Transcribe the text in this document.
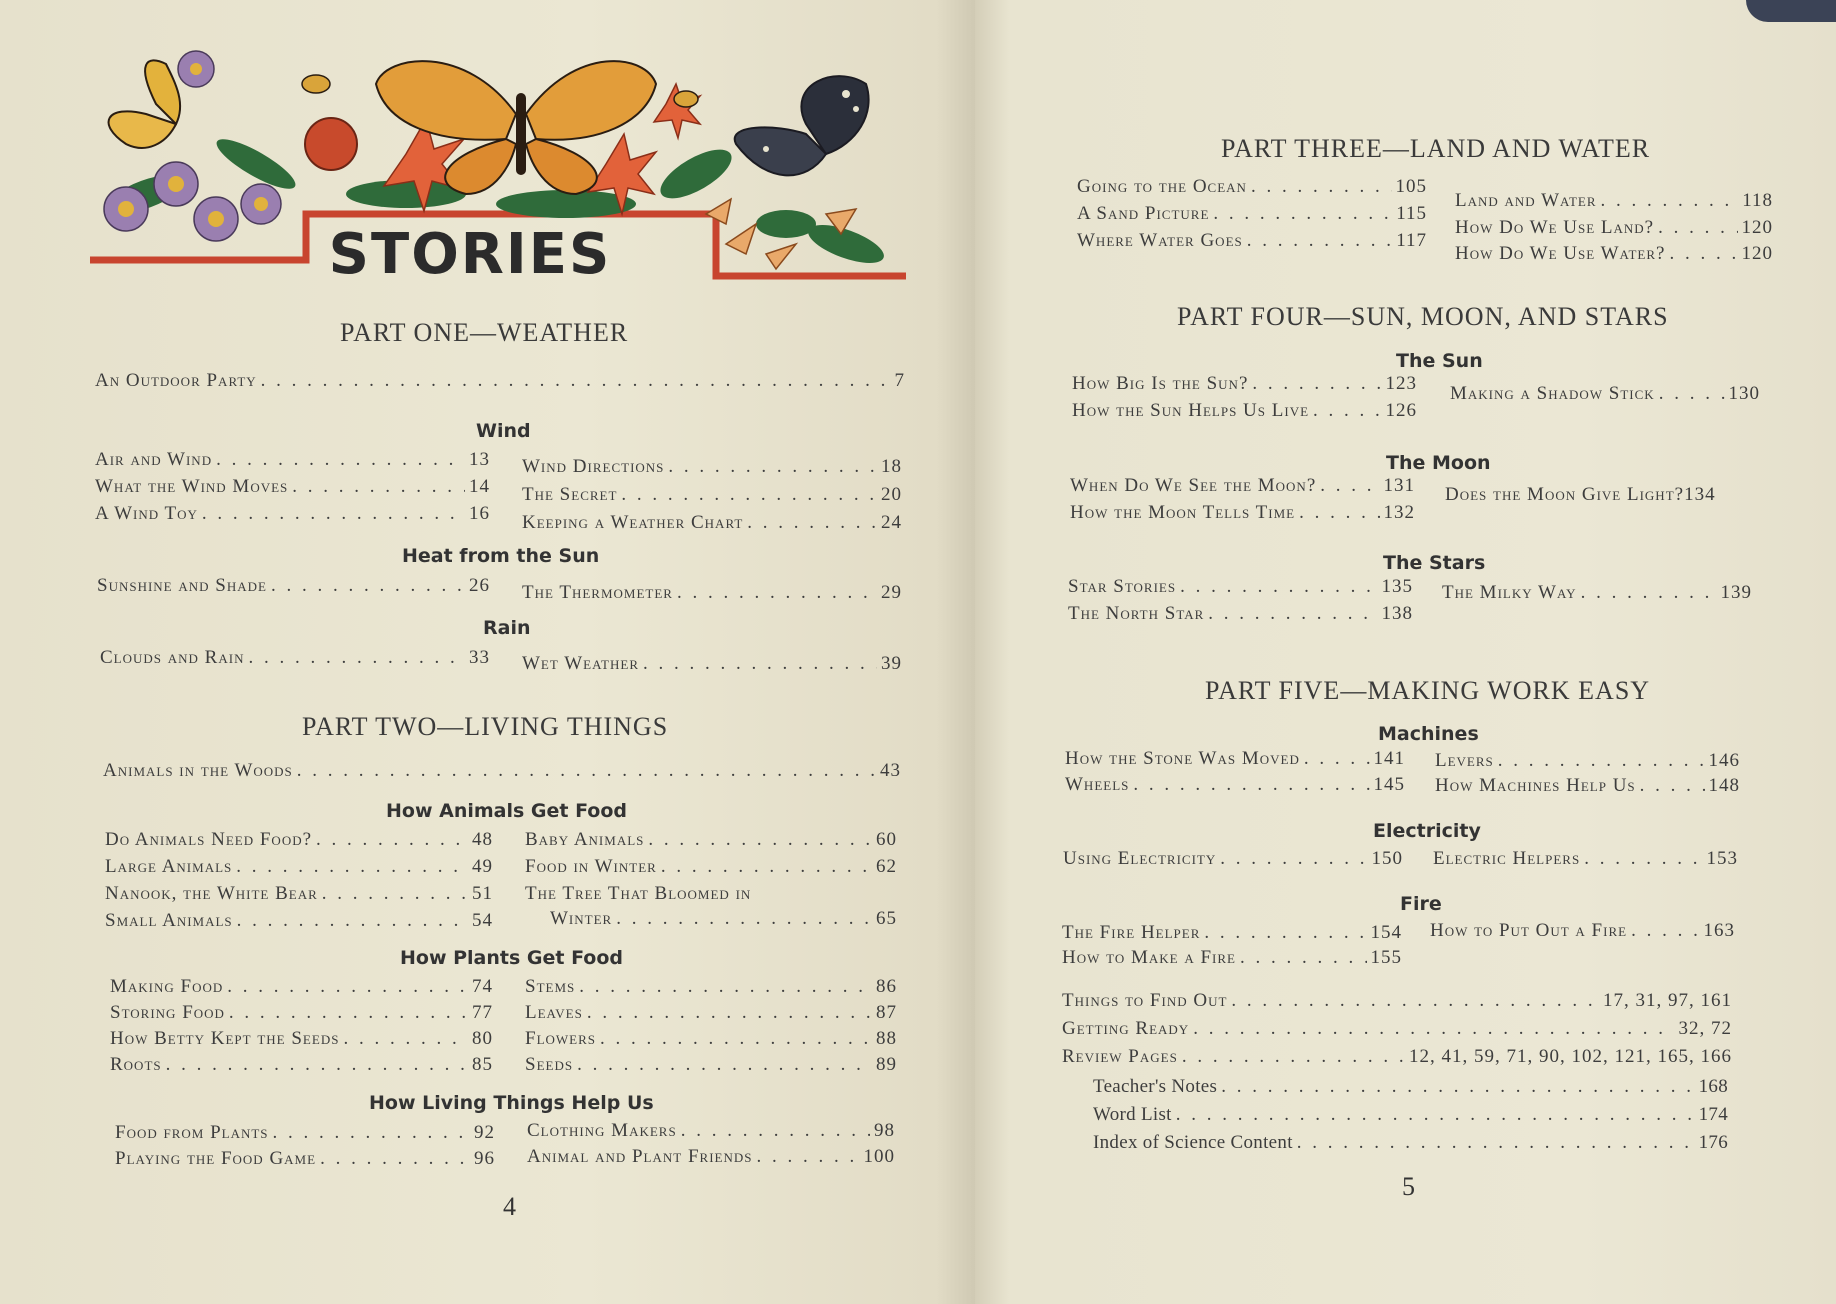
STORIES
PART ONE—WEATHER
An Outdoor Party . . .	7
Wind
Air and Wind . . .	13
What the Wind Moves . . .	14
A Wind Toy . . .	16
Wind Directions . . .	18
The Secret . . .	20
Keeping a Weather Chart . . .	24
Heat from the Sun
Sunshine and Shade . . .	26 The Thermometer . . .	29
Rain
Clouds and Rain . . .	33 Wet Weather . . .	39
PART TWO—LIVING THINGS
Animals in the Woods . . .	43
How Animals Get Food
Do Animals Need Food? . . .	48
Large Animals . . .	49
Nanook, the White Bear . . .	51
Small Animals . . .	54
Baby Animals . . .	60
Food in Winter . . .	62
The Tree That Bloomed in
Winter . . .	65
How Plants Get Food
Making Food . . .	74
Storing Food . . .	77
How Betty Kept the Seeds . . .	80
Roots . . .	85
Stems . . .	86
Leaves . . .	87
Flowers . . .	88
Seeds . . .	89
How Living Things Help Us
Food from Plants . . .	92
Playing the Food Game . . .	96
Clothing Makers . . .	98
Animal and Plant Friends . . .	100
4
PART THREE—LAND AND WATER
Going to the Ocean . . .	105
A Sand Picture . . .	115
Where Water Goes . . .	117
Land and Water . . .	118
How Do We Use Land? . . .	120
How Do We Use Water? . . .	120
PART FOUR—SUN, MOON, AND STARS
The Sun
How Big Is the Sun? . . .	123
How the Sun Helps Us Live . . .	126
Making a Shadow Stick . . .	130
The Moon
When Do We See the Moon? . . .	131
How the Moon Tells Time . . .	132
Does the Moon Give Light? 134
The Stars
Star Stories . . .	135
The North Star . . .	138
The Milky Way . . .	139
PART FIVE—MAKING WORK EASY
Machines
How the Stone Was Moved . . .	141
Wheels . . .	145
Levers . . .	146
How Machines Help Us . . .	148
Electricity
Using Electricity . . .	150 Electric Helpers . . .	153
Fire
The Fire Helper . . .	154
How to Make a Fire . . .	155
How to Put Out a Fire . . .	163
Things to Find Out . . .	17, 31, 97, 161
Getting Ready . . .	32, 72
Review Pages . . .	12, 41, 59, 71, 90, 102, 121, 165, 166
Teacher's Notes . . .	168
Word List . . .	174
Index of Science Content . . .	176
5
